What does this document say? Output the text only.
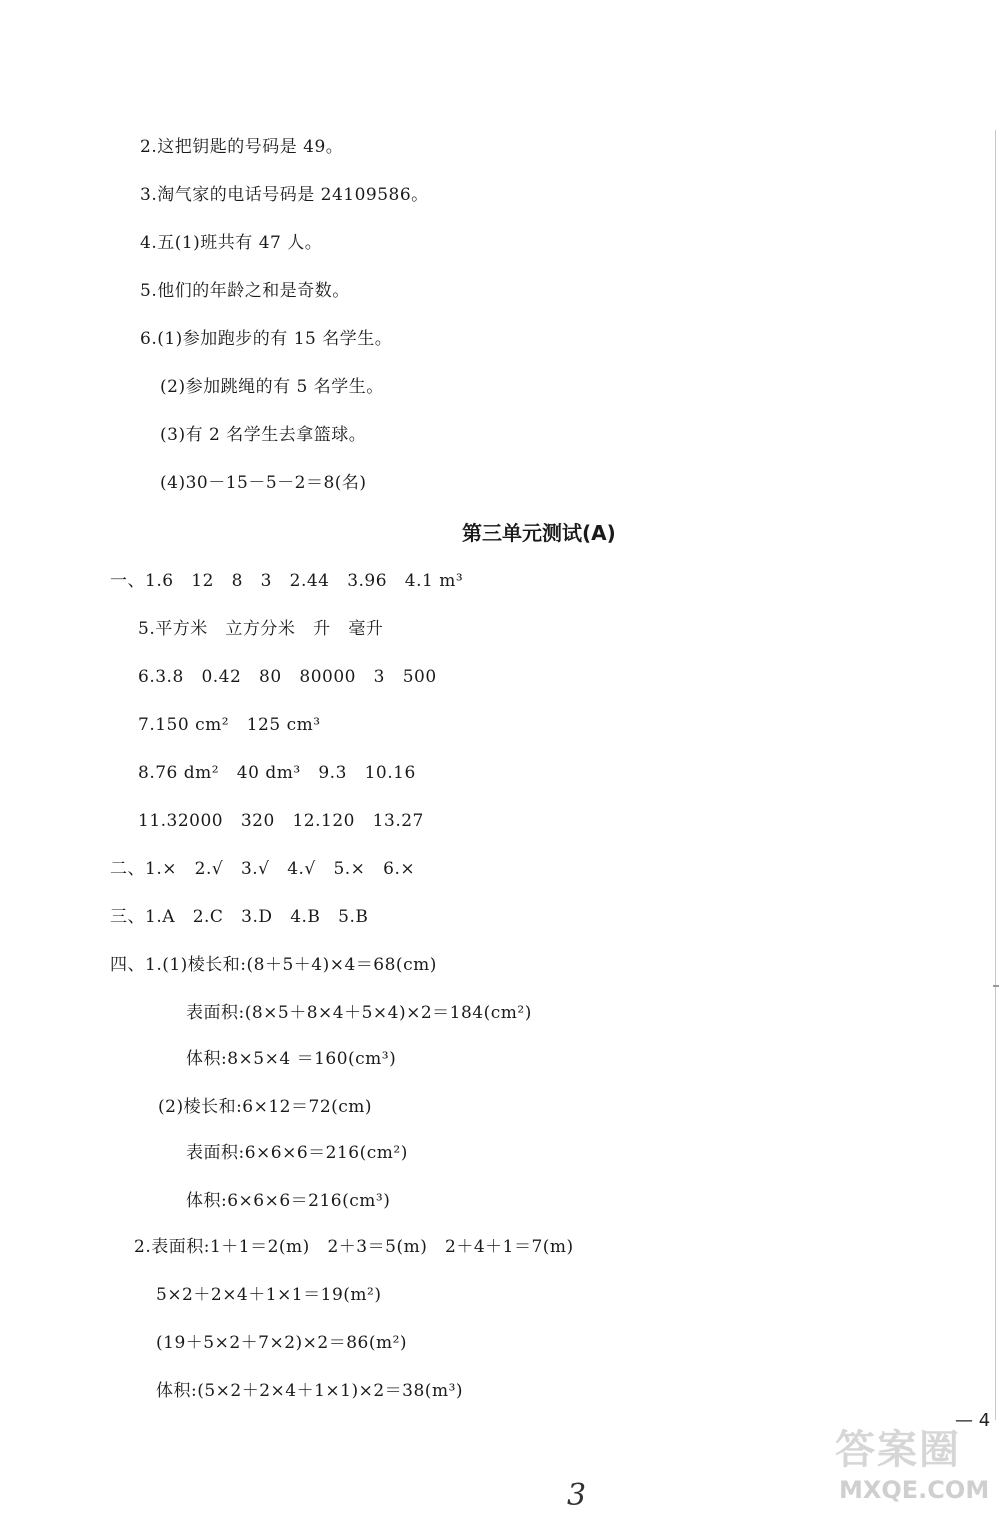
2.这把钥匙的号码是 49。
3.淘气家的电话号码是 24109586。
4.五(1)班共有 47 人。
5.他们的年龄之和是奇数。
6.(1)参加跑步的有 15 名学生。
(2)参加跳绳的有 5 名学生。
(3)有 2 名学生去拿篮球。
(4)30－15－5－2＝8(名)
第三单元测试(A)
一、1.6   12   8   3   2.44   3.96   4.1 m³
5.平方米   立方分米   升   毫升
6.3.8   0.42   80   80000   3   500
7.150 cm²   125 cm³
8.76 dm²   40 dm³   9.3   10.16
11.32000   320   12.120   13.27
二、1.×   2.√   3.√   4.√   5.×   6.×
三、1.A   2.C   3.D   4.B   5.B
四、1.(1)棱长和:(8＋5＋4)×4＝68(cm)
表面积:(8×5＋8×4＋5×4)×2＝184(cm²)
体积:8×5×4 ＝160(cm³)
(2)棱长和:6×12＝72(cm)
表面积:6×6×6＝216(cm²)
体积:6×6×6＝216(cm³)
2.表面积:1＋1＝2(m)   2＋3＝5(m)   2＋4＋1＝7(m)
5×2＋2×4＋1×1＝19(m²)
(19＋5×2＋7×2)×2＝86(m²)
体积:(5×2＋2×4＋1×1)×2＝38(m³)
— 4
3
答案圈
MXQE.COM
